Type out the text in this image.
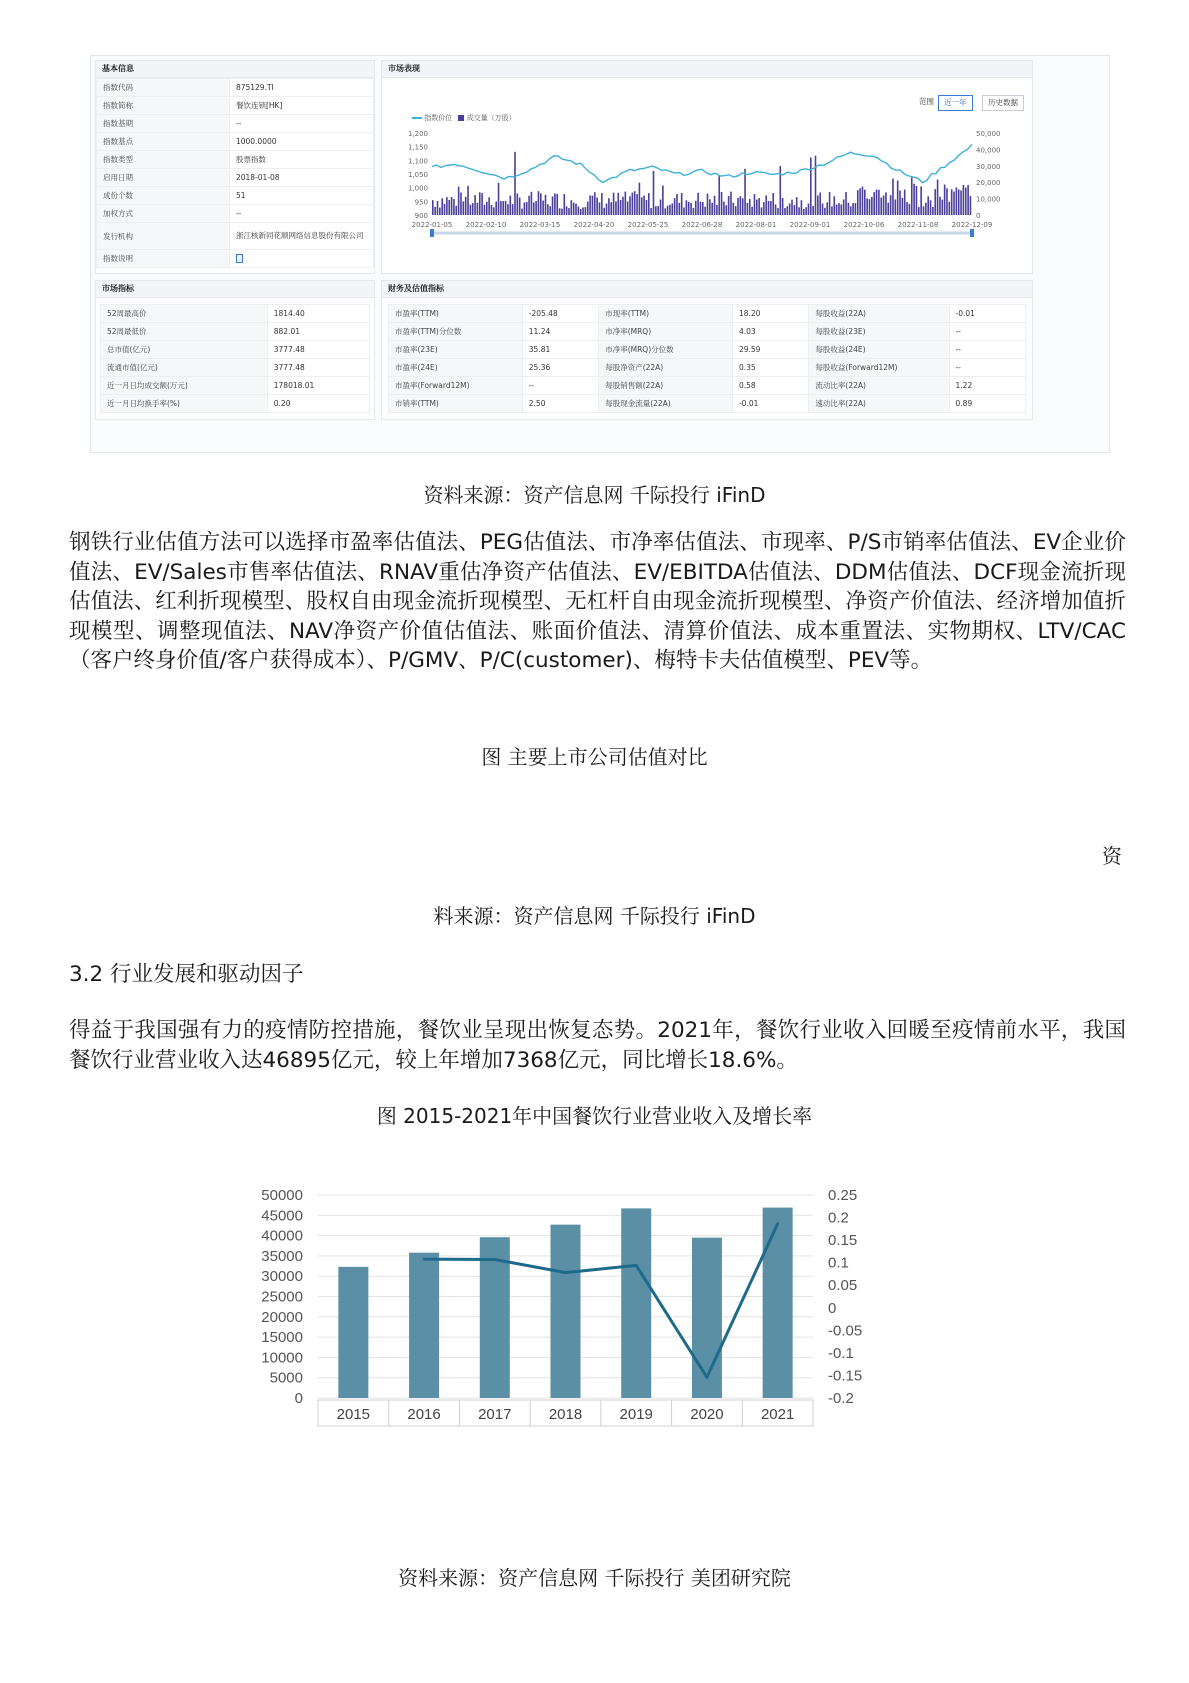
基本信息
指数代码	875129.TI
指数简称	餐饮连锁[HK]
指数基期	--
指数基点	1000.0000
指数类型	股票指数
启用日期	2018-01-08
成份个数	51
加权方式	--
发行机构	浙江核新同花顺网络信息股份有限公司
指数说明	
市场表现
范围	近一年	历史数据
指数价位 成交量（万股）
1,200
1,150
1,100
1,050
1,000
950
900
50,000
40,000
30,000
20,000
10,000
0
2022-01-05 2022-02-10 2022-03-15 2022-04-20 2022-05-25 2022-06-28 2022-08-01 2022-09-01 2022-10-06 2022-11-08 2022-12-09
市场指标
52周最高价	1814.40
52周最低价	882.01
总市值(亿元)	3777.48
流通市值(亿元)	3777.48
近一月日均成交额(万元)	178018.01
近一月日均换手率(%)	0.20
财务及估值指标
市盈率(TTM)	-205.48	市现率(TTM)	18.20	每股收益(22A)	-0.01
市盈率(TTM)分位数	11.24	市净率(MRQ)	4.03	每股收益(23E)	--
市盈率(23E)	35.81	市净率(MRQ)分位数	29.59	每股收益(24E)	--
市盈率(24E)	25.36	每股净资产(22A)	0.35	每股收益(Forward12M)	--
市盈率(Forward12M)	--	每股销售额(22A)	0.58	流动比率(22A)	1.22
市销率(TTM)	2.50	每股现金流量(22A)	-0.01	速动比率(22A)	0.89
资料来源：资产信息网 千际投行 iFinD
钢铁行业估值方法可以选择市盈率估值法、PEG估值法、市净率估值法、市现率、P/S市销率估值法、EV企业价值法、EV/Sales市售率估值法、RNAV重估净资产估值法、EV/EBITDA估值法、DDM估值法、DCF现金流折现估值法、红利折现模型、股权自由现金流折现模型、无杠杆自由现金流折现模型、净资产价值法、经济增加值折现模型、调整现值法、NAV净资产价值估值法、账面价值法、清算价值法、成本重置法、实物期权、LTV/CAC（客户终身价值/客户获得成本）、P/GMV、P/C(customer)、梅特卡夫估值模型、PEV等。
图 主要上市公司估值对比
资
料来源：资产信息网 千际投行 iFinD
3.2 行业发展和驱动因子
得益于我国强有力的疫情防控措施，餐饮业呈现出恢复态势。2021年，餐饮行业收入回暖至疫情前水平，我国餐饮行业营业收入达46895亿元，较上年增加7368亿元，同比增长18.6%。
图 2015-2021年中国餐饮行业营业收入及增长率
50000
45000
40000
35000
30000
25000
20000
15000
10000
5000
0
0.25
0.2
0.15
0.1
0.05
0
-0.05
-0.1
-0.15
-0.2
2015 2016 2017 2018 2019 2020 2021
资料来源：资产信息网 千际投行 美团研究院
